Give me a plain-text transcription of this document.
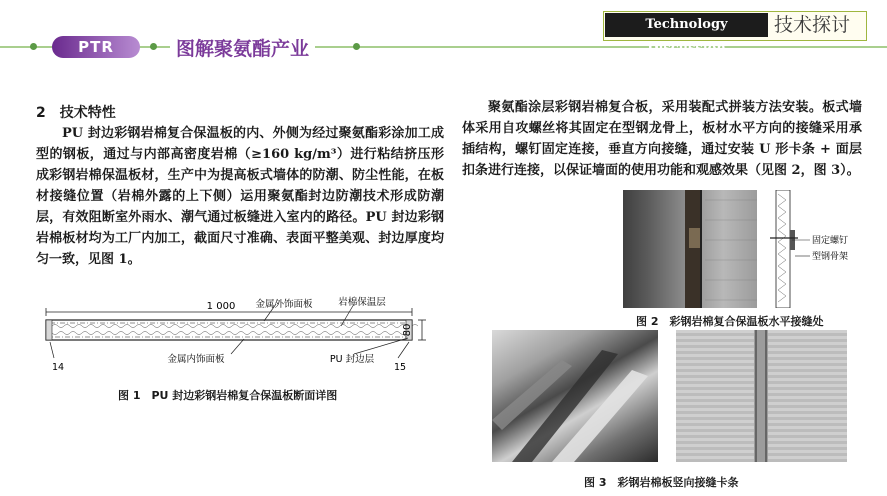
PTR	图解聚氨酯产业
Technology Discussion
技术探讨
2　技术特性

PU 封边彩钢岩棉复合保温板的内、外侧为经过聚氨酯彩涂加工成型的钢板，通过与内部高密度岩棉（≥160 kg/m³）进行粘结挤压形成彩钢岩棉保温板材，生产中为提高板式墙体的防潮、防尘性能，在板材接缝位置（岩棉外露的上下侧）运用聚氨酯封边防潮技术形成防潮层，有效阻断室外雨水、潮气通过板缝进入室内的路径。PU 封边彩钢岩棉板材均为工厂内加工，截面尺寸准确、表面平整美观、封边厚度均匀一致，见图 1。

1 000
80
金属外饰面板	岩棉保温层
金属内饰面板	PU 封边层
14	15
图 1　PU 封边彩钢岩棉复合保温板断面详图

聚氨酯涂层彩钢岩棉复合板，采用装配式拼装方法安装。板式墙体采用自攻螺丝将其固定在型钢龙骨上，板材水平方向的接缝采用承插结构，螺钉固定连接，垂直方向接缝，通过安装 U 形卡条 + 面层扣条进行连接，以保证墙面的使用功能和观感效果（见图 2，图 3）。

固定螺钉
型钢骨架
图 2　彩钢岩棉复合保温板水平接缝处
图 3　彩钢岩棉板竖向接缝卡条
